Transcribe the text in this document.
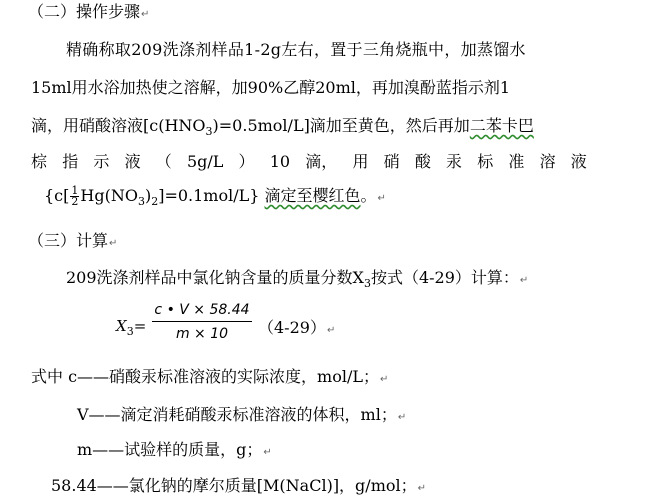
（二）操作步骤↵
精确称取209洗涤剂样品1-2g左右，置于三角烧瓶中，加蒸馏水
15ml用水浴加热使之溶解，加90%乙醇20ml，再加溴酚蓝指示剂1
滴，用硝酸溶液$[c(HNO_3)=0.5mol/L]$滴加至黄色，然后再加二苯卡巴
棕 指 示 液 （ 5g/L ） 10 滴， 用 硝 酸 汞 标 准 溶 液
$\{c[ \frac{1}{2} Hg(NO_3)_2]=0.1mol/L\}$ 滴定至樱红色。↵
（三）计算↵
209洗涤剂样品中氯化钠含量的质量分数$X_3$按式（4-29）计算：↵
$X_3= \frac{c • V \times 58.44}{m \times 10}$ （4-29）↵
式中 c——硝酸汞标准溶液的实际浓度，mol/L；↵
V——滴定消耗硝酸汞标准溶液的体积，ml；↵
m——试验样的质量，g；↵
58.44——氯化钠的摩尔质量[M(NaCl)]，g/mol；↵
